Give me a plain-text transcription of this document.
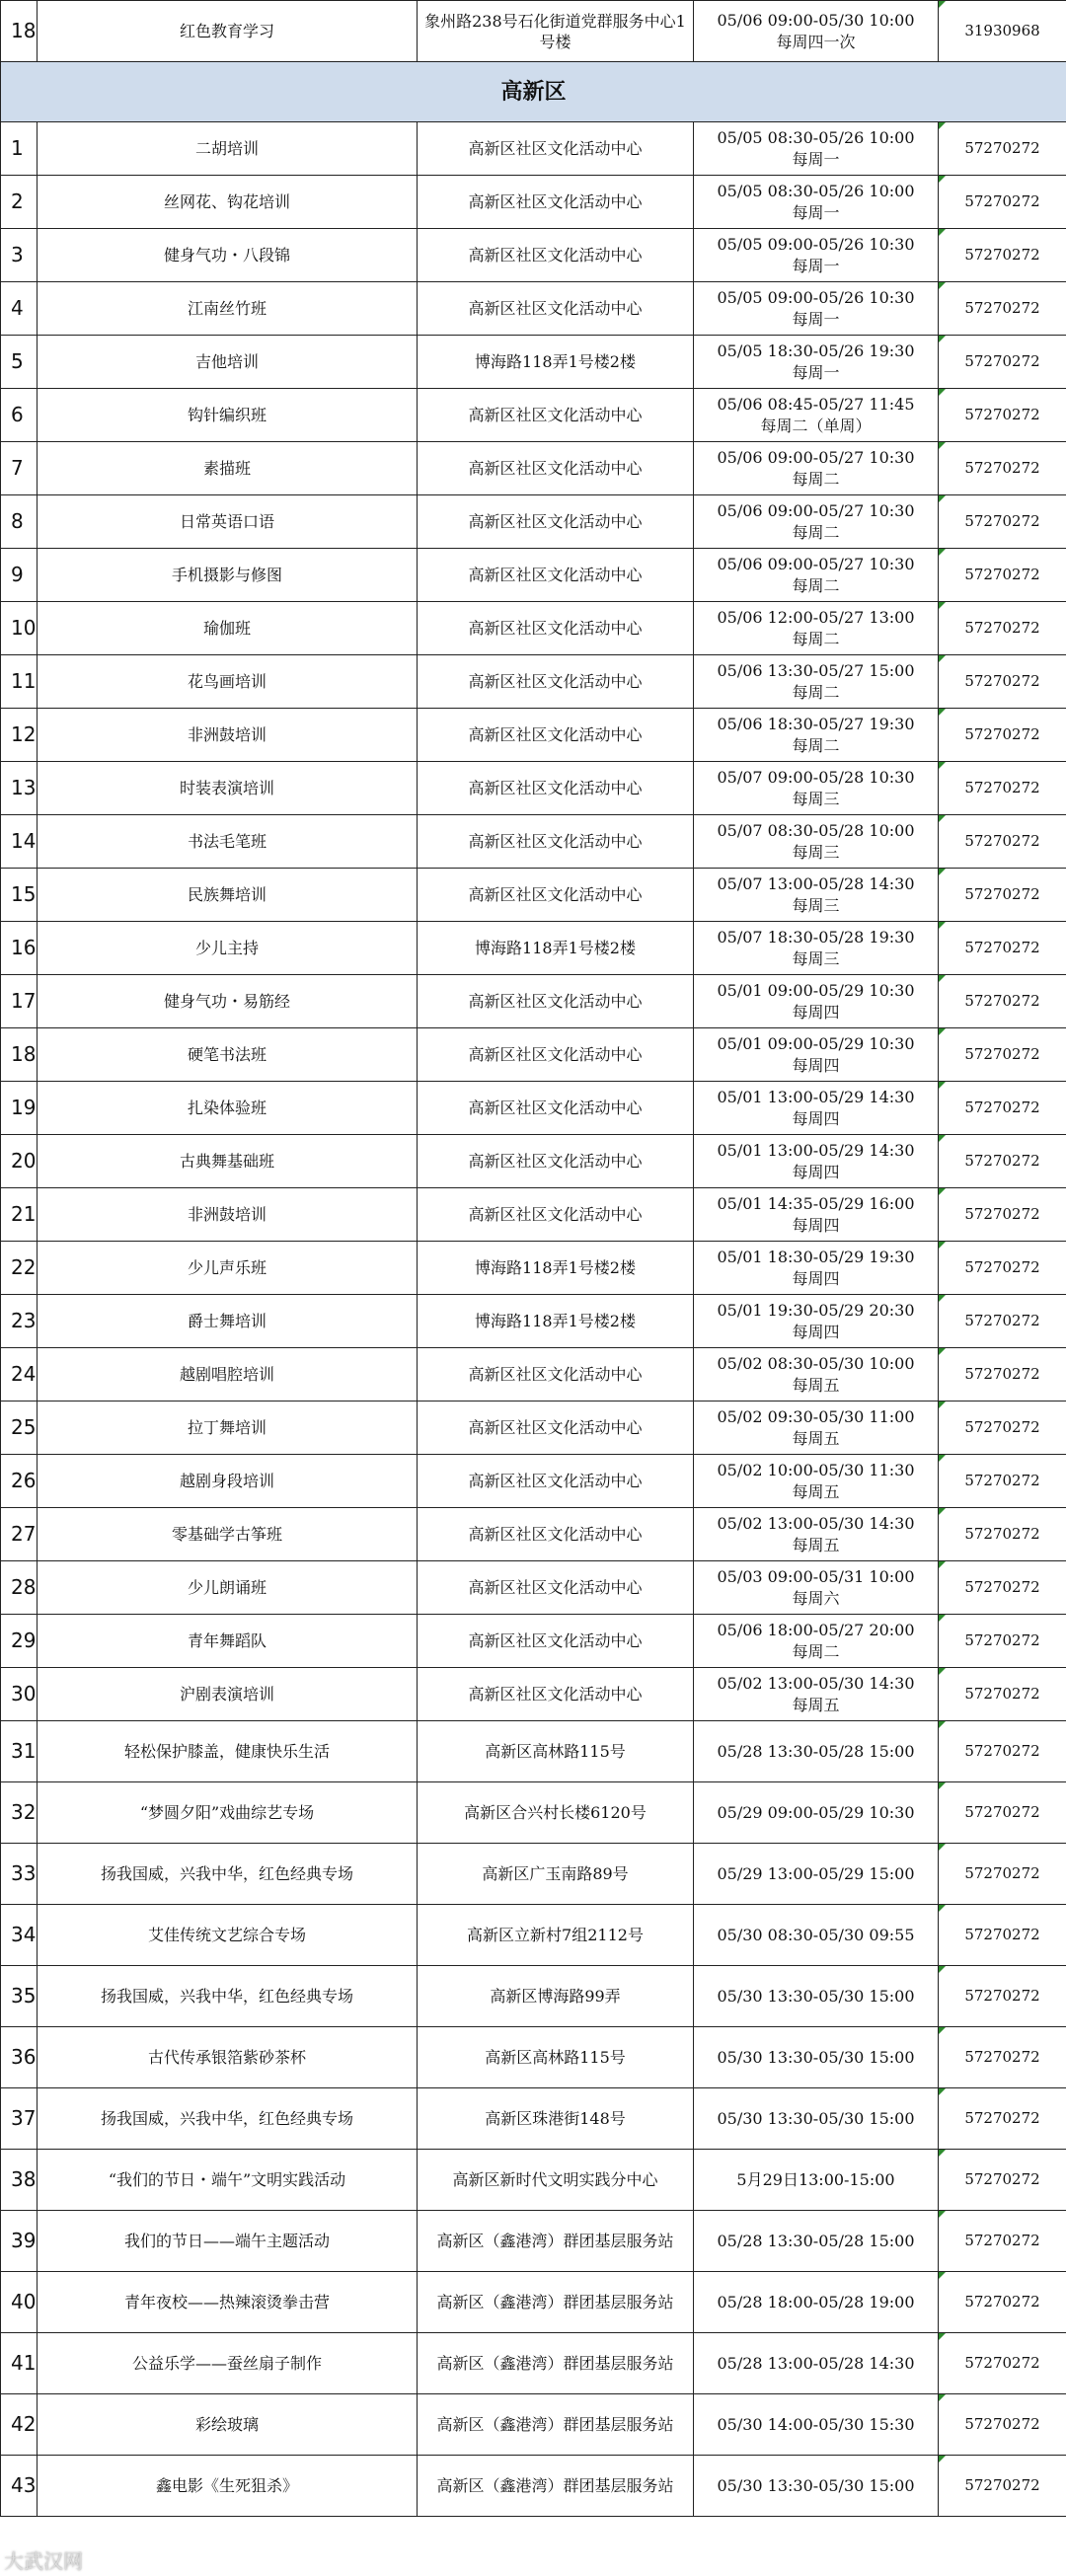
18	红色教育学习	象州路238号石化街道党群服务中心1号楼	05/06 09:00-05/30 10:00
每周四一次	31930968
高新区				
1	二胡培训	高新区社区文化活动中心	05/05 08:30-05/26 10:00
每周一	57270272
2	丝网花、钩花培训	高新区社区文化活动中心	05/05 08:30-05/26 10:00
每周一	57270272
3	健身气功・八段锦	高新区社区文化活动中心	05/05 09:00-05/26 10:30
每周一	57270272
4	江南丝竹班	高新区社区文化活动中心	05/05 09:00-05/26 10:30
每周一	57270272
5	吉他培训	博海路118弄1号楼2楼	05/05 18:30-05/26 19:30
每周一	57270272
6	钩针编织班	高新区社区文化活动中心	05/06 08:45-05/27 11:45
每周二（单周）	57270272
7	素描班	高新区社区文化活动中心	05/06 09:00-05/27 10:30
每周二	57270272
8	日常英语口语	高新区社区文化活动中心	05/06 09:00-05/27 10:30
每周二	57270272
9	手机摄影与修图	高新区社区文化活动中心	05/06 09:00-05/27 10:30
每周二	57270272
10	瑜伽班	高新区社区文化活动中心	05/06 12:00-05/27 13:00
每周二	57270272
11	花鸟画培训	高新区社区文化活动中心	05/06 13:30-05/27 15:00
每周二	57270272
12	非洲鼓培训	高新区社区文化活动中心	05/06 18:30-05/27 19:30
每周二	57270272
13	时装表演培训	高新区社区文化活动中心	05/07 09:00-05/28 10:30
每周三	57270272
14	书法毛笔班	高新区社区文化活动中心	05/07 08:30-05/28 10:00
每周三	57270272
15	民族舞培训	高新区社区文化活动中心	05/07 13:00-05/28 14:30
每周三	57270272
16	少儿主持	博海路118弄1号楼2楼	05/07 18:30-05/28 19:30
每周三	57270272
17	健身气功・易筋经	高新区社区文化活动中心	05/01 09:00-05/29 10:30
每周四	57270272
18	硬笔书法班	高新区社区文化活动中心	05/01 09:00-05/29 10:30
每周四	57270272
19	扎染体验班	高新区社区文化活动中心	05/01 13:00-05/29 14:30
每周四	57270272
20	古典舞基础班	高新区社区文化活动中心	05/01 13:00-05/29 14:30
每周四	57270272
21	非洲鼓培训	高新区社区文化活动中心	05/01 14:35-05/29 16:00
每周四	57270272
22	少儿声乐班	博海路118弄1号楼2楼	05/01 18:30-05/29 19:30
每周四	57270272
23	爵士舞培训	博海路118弄1号楼2楼	05/01 19:30-05/29 20:30
每周四	57270272
24	越剧唱腔培训	高新区社区文化活动中心	05/02 08:30-05/30 10:00
每周五	57270272
25	拉丁舞培训	高新区社区文化活动中心	05/02 09:30-05/30 11:00
每周五	57270272
26	越剧身段培训	高新区社区文化活动中心	05/02 10:00-05/30 11:30
每周五	57270272
27	零基础学古筝班	高新区社区文化活动中心	05/02 13:00-05/30 14:30
每周五	57270272
28	少儿朗诵班	高新区社区文化活动中心	05/03 09:00-05/31 10:00
每周六	57270272
29	青年舞蹈队	高新区社区文化活动中心	05/06 18:00-05/27 20:00
每周二	57270272
30	沪剧表演培训	高新区社区文化活动中心	05/02 13:00-05/30 14:30
每周五	57270272
31	轻松保护膝盖，健康快乐生活	高新区高林路115号	05/28 13:30-05/28 15:00	57270272
32	“梦圆夕阳”戏曲综艺专场	高新区合兴村长楼6120号	05/29 09:00-05/29 10:30	57270272
33	扬我国威，兴我中华，红色经典专场	高新区广玉南路89号	05/29 13:00-05/29 15:00	57270272
34	艾佳传统文艺综合专场	高新区立新村7组2112号	05/30 08:30-05/30 09:55	57270272
35	扬我国威，兴我中华，红色经典专场	高新区博海路99弄	05/30 13:30-05/30 15:00	57270272
36	古代传承银箔紫砂茶杯	高新区高林路115号	05/30 13:30-05/30 15:00	57270272
37	扬我国威，兴我中华，红色经典专场	高新区珠港街148号	05/30 13:30-05/30 15:00	57270272
38	“我们的节日・端午”文明实践活动	高新区新时代文明实践分中心	5月29日13:00-15:00	57270272
39	我们的节日——端午主题活动	高新区（鑫港湾）群团基层服务站	05/28 13:30-05/28 15:00	57270272
40	青年夜校——热辣滚烫拳击营	高新区（鑫港湾）群团基层服务站	05/28 18:00-05/28 19:00	57270272
41	公益乐学——蚕丝扇子制作	高新区（鑫港湾）群团基层服务站	05/28 13:00-05/28 14:30	57270272
42	彩绘玻璃	高新区（鑫港湾）群团基层服务站	05/30 14:00-05/30 15:30	57270272
43	鑫电影《生死狙杀》	高新区（鑫港湾）群团基层服务站	05/30 13:30-05/30 15:00	57270272
大武汉网
